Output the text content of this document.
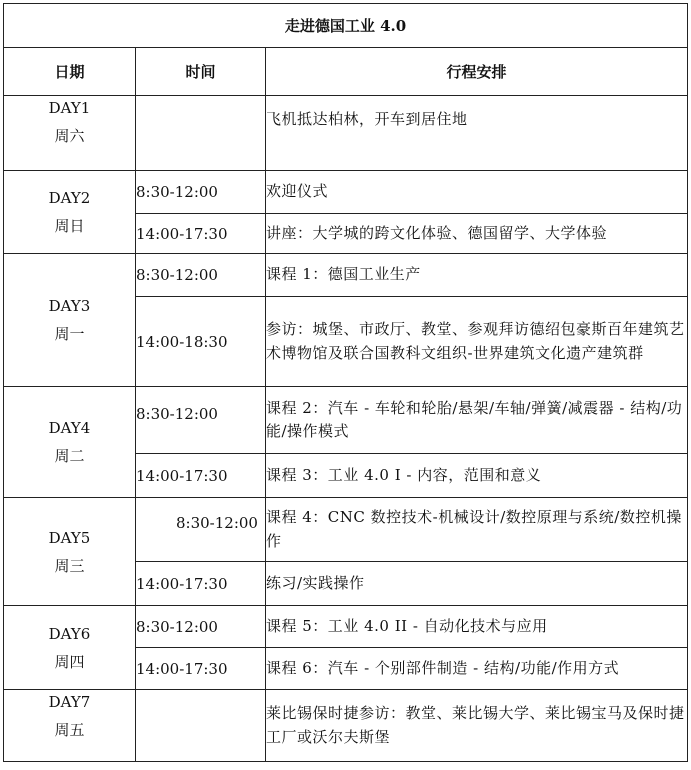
走进德国工业 4.0		
日期	时间	行程安排

DAY1
周六		飞机抵达柏林，开车到居住地

DAY2
周日	8:30-12:00	欢迎仪式
	14:00-17:30	讲座：大学城的跨文化体验、德国留学、大学体验

DAY3
周一	8:30-12:00	课程 1：德国工业生产
	14:00-18:30	参访：城堡、市政厅、教堂、参观拜访德绍包豪斯百年建筑艺术博物馆及联合国教科文组织-世界建筑文化遗产建筑群

DAY4
周二	8:30-12:00	课程 2：汽车 - 车轮和轮胎/悬架/车轴/弹簧/减震器 - 结构/功能/操作模式
	14:00-17:30	课程 3：工业 4.0 I - 内容，范围和意义

DAY5
周三	8:30-12:00	课程 4：CNC 数控技术-机械设计/数控原理与系统/数控机操作
	14:00-17:30	练习/实践操作

DAY6
周四	8:30-12:00	课程 5：工业 4.0 II - 自动化技术与应用
	14:00-17:30	课程 6：汽车 - 个别部件制造 - 结构/功能/作用方式

DAY7
周五		莱比锡保时捷参访：教堂、莱比锡大学、莱比锡宝马及保时捷工厂或沃尔夫斯堡
